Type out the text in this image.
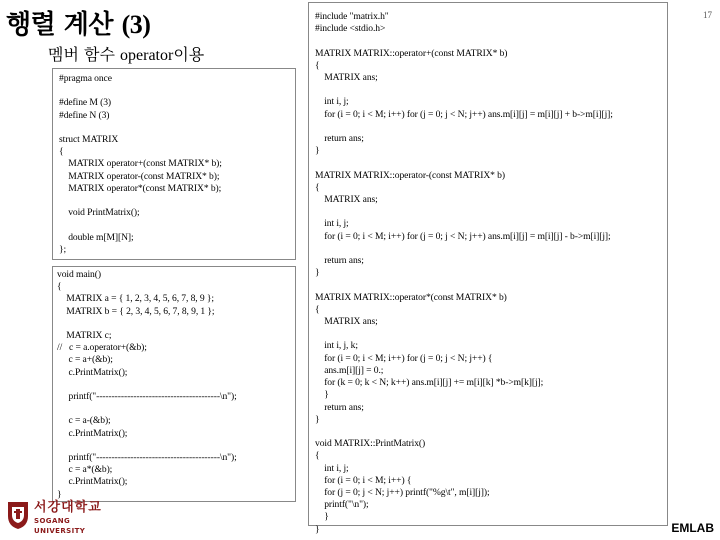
행렬 계산 (3)
멤버 함수 operator이용
#pragma once

#define M (3)
#define N (3)

struct MATRIX
{
MATRIX operator+(const MATRIX* b);
MATRIX operator-(const MATRIX* b);
MATRIX operator*(const MATRIX* b);

void PrintMatrix();

double m[M][N];
};
void main()
{
MATRIX a = { 1, 2, 3, 4, 5, 6, 7, 8, 9 };
MATRIX b = { 2, 3, 4, 5, 6, 7, 8, 9, 1 };

MATRIX c;
//   c = a.operator+(&b);
c = a+(&b);
c.PrintMatrix();

printf("----------------------------------------\n");

c = a-(&b);
c.PrintMatrix();

printf("----------------------------------------\n");
c = a*(&b);
c.PrintMatrix();
}
#include "matrix.h"
#include <stdio.h>

MATRIX MATRIX::operator+(const MATRIX* b)
{
MATRIX ans;

int i, j;
for (i = 0; i < M; i++) for (j = 0; j < N; j++) ans.m[i][j] = m[i][j] + b->m[i][j];

return ans;
}

MATRIX MATRIX::operator-(const MATRIX* b)
{
MATRIX ans;

int i, j;
for (i = 0; i < M; i++) for (j = 0; j < N; j++) ans.m[i][j] = m[i][j] - b->m[i][j];

return ans;
}

MATRIX MATRIX::operator*(const MATRIX* b)
{
MATRIX ans;

int i, j, k;
for (i = 0; i < M; i++) for (j = 0; j < N; j++) {
ans.m[i][j] = 0.;
for (k = 0; k < N; k++) ans.m[i][j] += m[i][k] *b->m[k][j];
}
return ans;
}

void MATRIX::PrintMatrix()
{
int i, j;
for (i = 0; i < M; i++) {
for (j = 0; j < N; j++) printf("%g\t", m[i][j]);
printf("\n");
}
}
17
서강대학교
SOGANG UNIVERSITY	EMLAB
